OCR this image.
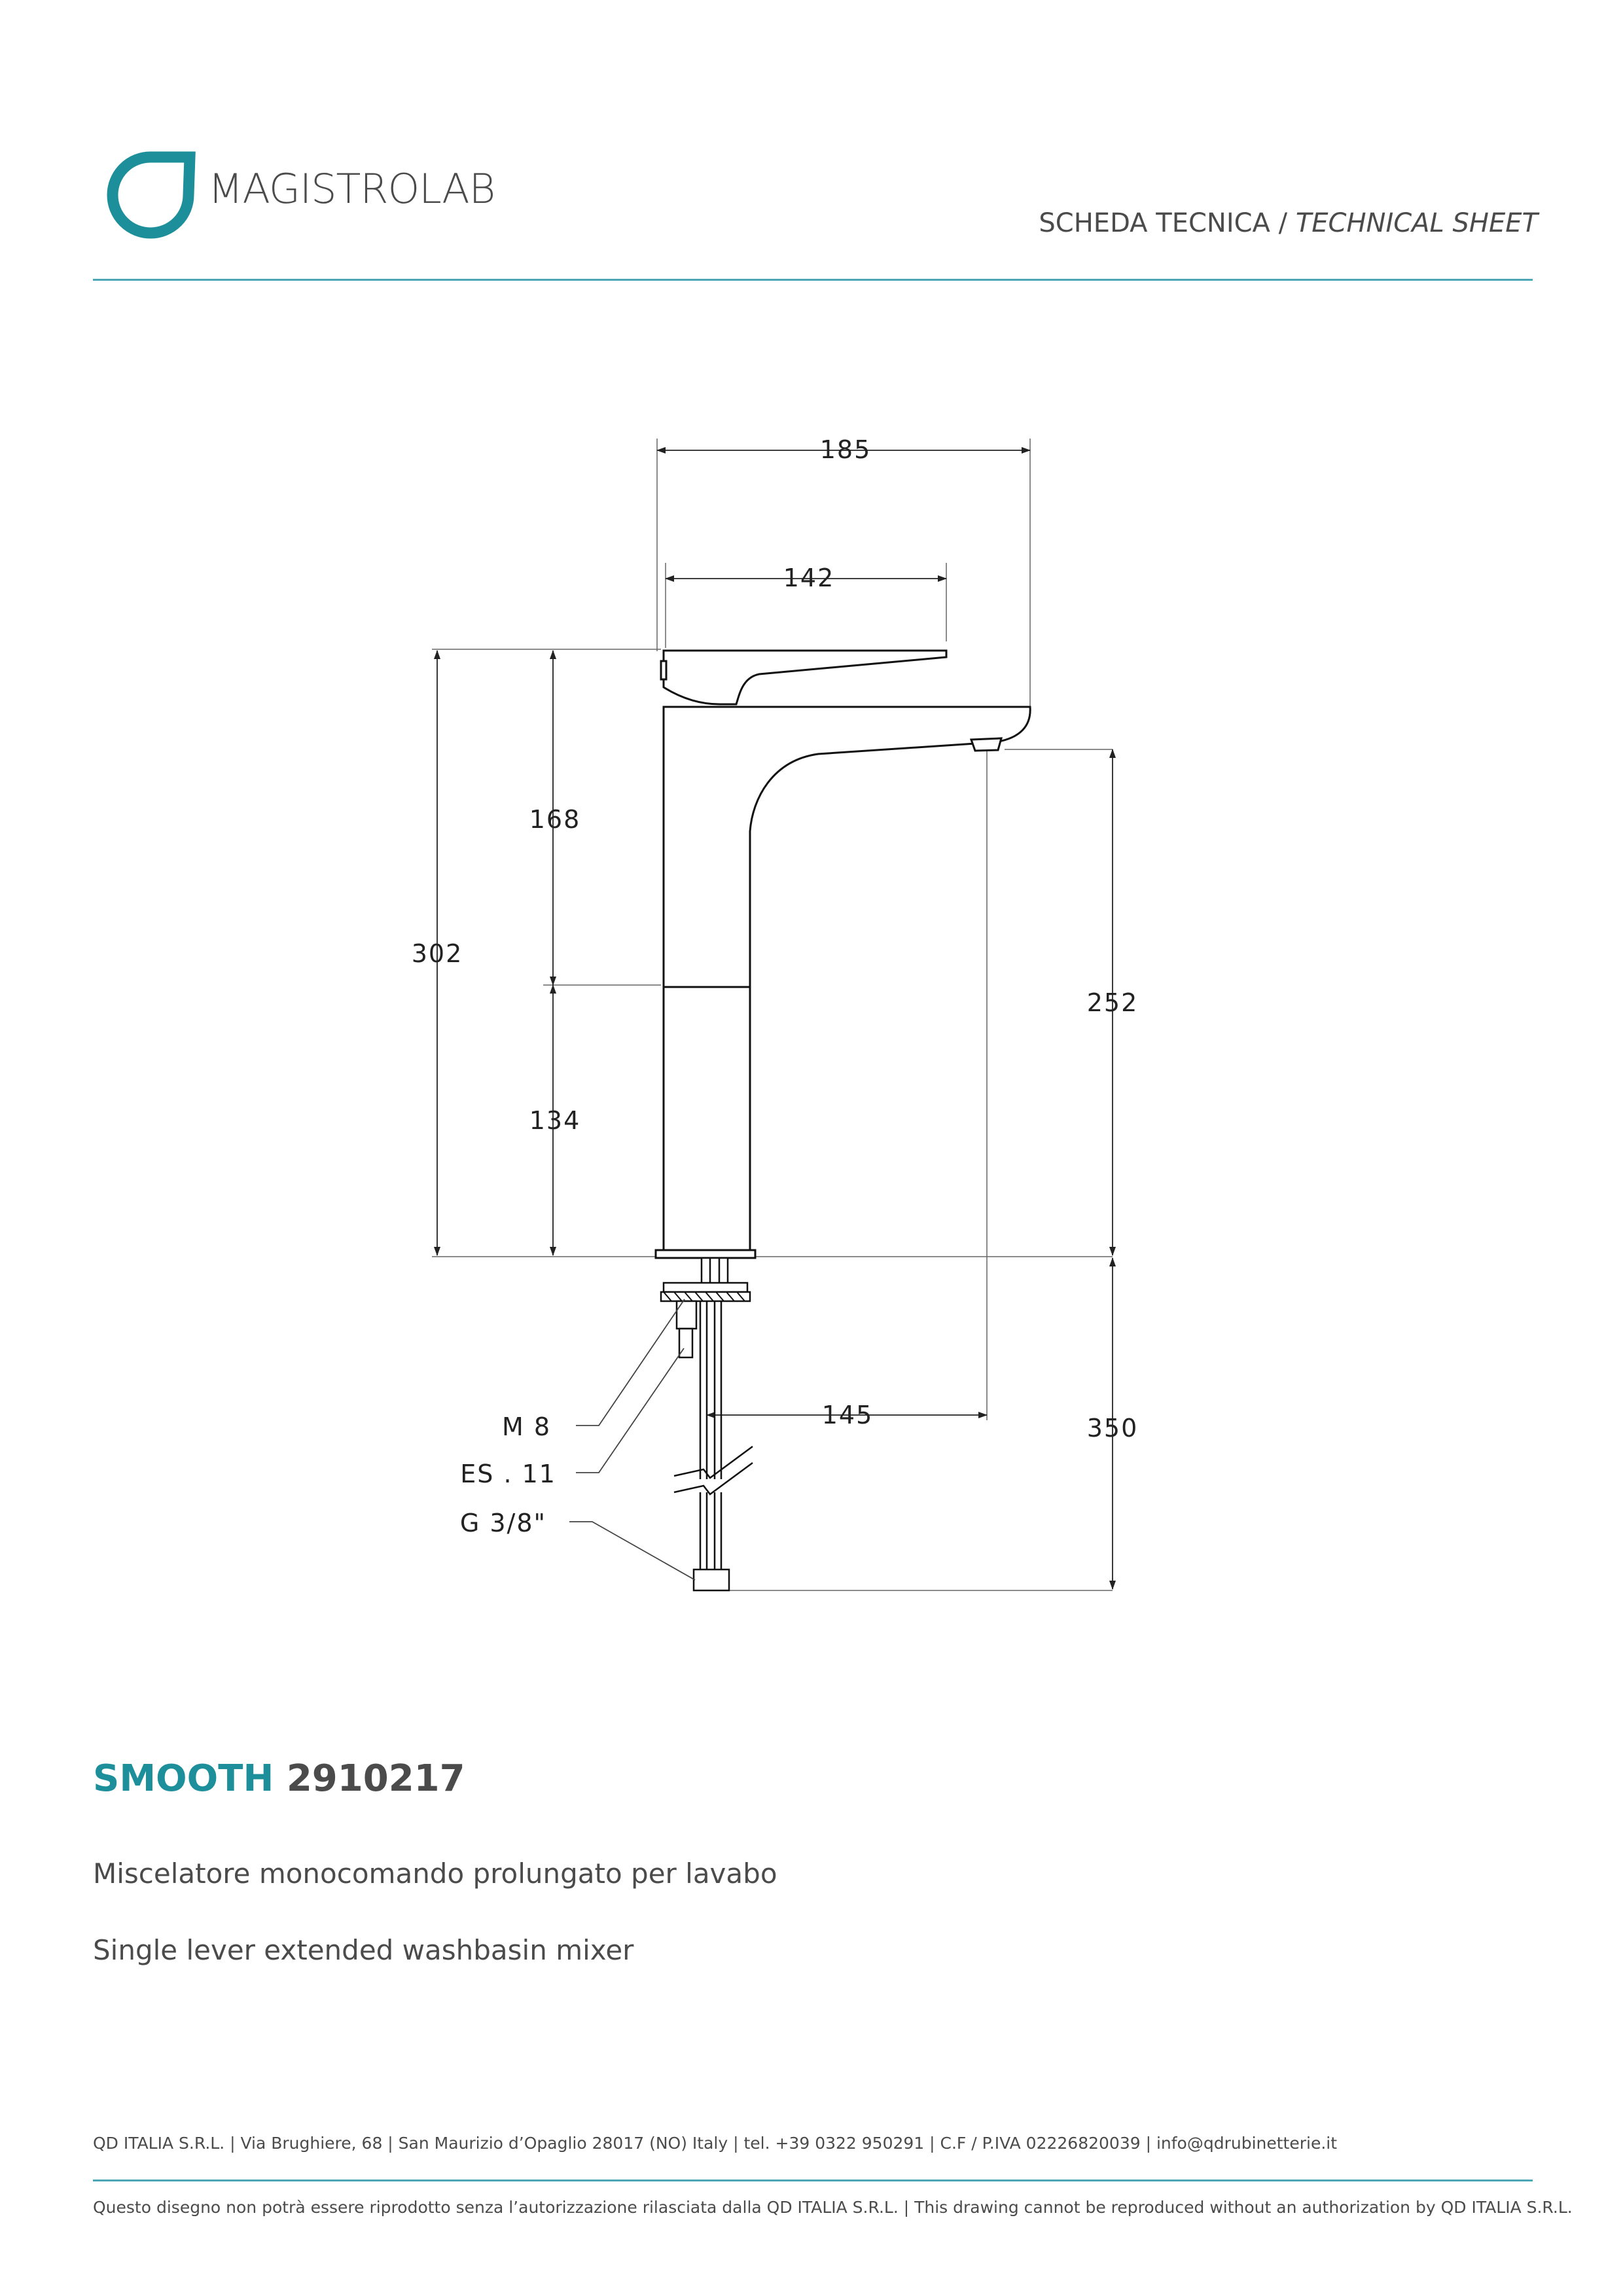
MAGISTROLAB
SCHEDA TECNICA / TECHNICAL SHEET
185
142
168
302
134
252
145	350
M 8
ES . 11
G 3/8"
SMOOTH 2910217
Miscelatore monocomando prolungato per lavabo
Single lever extended washbasin mixer
QD ITALIA S.R.L. | Via Brughiere, 68 | San Maurizio d’Opaglio 28017 (NO) Italy | tel. +39 0322 950291 | C.F / P.IVA 02226820039 | info@qdrubinetterie.it
Questo disegno non potrà essere riprodotto senza l’autorizzazione rilasciata dalla QD ITALIA S.R.L. | This drawing cannot be reproduced without an authorization by QD ITALIA S.R.L.
